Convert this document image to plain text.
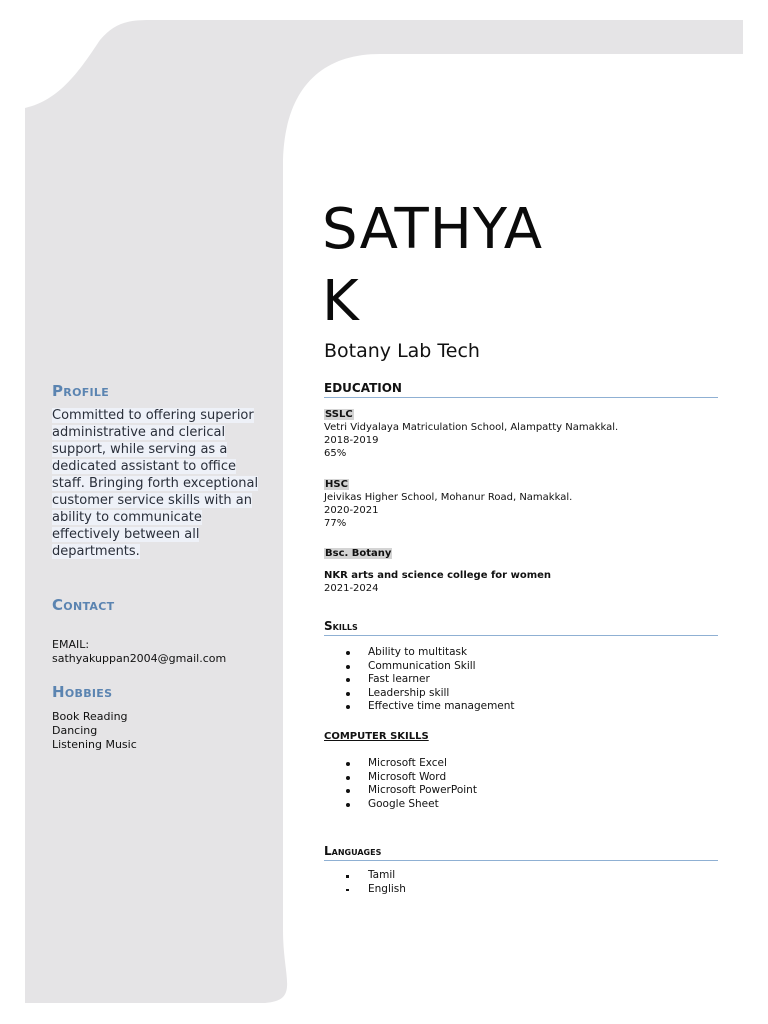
Profile
Committed to offering superior administrative and clerical support, while serving as a dedicated assistant to office staff. Bringing forth exceptional customer service skills with an ability to communicate effectively between all departments.
Contact
EMAIL:
sathyakuppan2004@gmail.com
Hobbies
Book Reading
Dancing
Listening Music
SATHYA
K
Botany Lab Tech
EDUCATION
SSLC
Vetri Vidyalaya Matriculation School, Alampatty Namakkal.
2018-2019
65%
HSC
Jeivikas Higher School, Mohanur Road, Namakkal.
2020-2021
77%
Bsc. Botany
NKR arts and science college for women
2021-2024
Skills
Ability to multitask
Communication Skill
Fast learner
Leadership skill
Effective time management
COMPUTER SKILLS
Microsoft Excel
Microsoft Word
Microsoft PowerPoint
Google Sheet
Languages
Tamil
English
